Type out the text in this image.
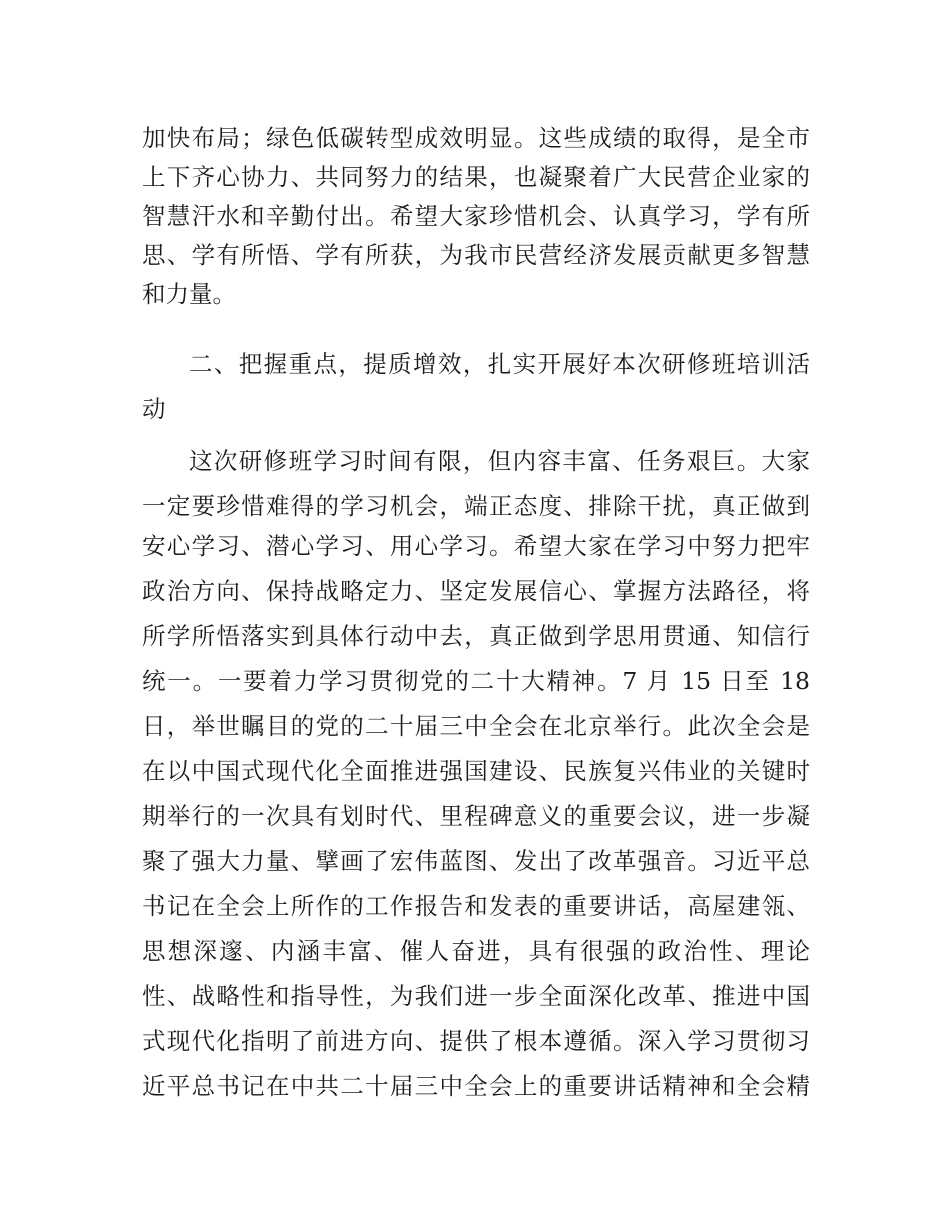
加快布局；绿色低碳转型成效明显。这些成绩的取得，是全市
上下齐心协力、共同努力的结果，也凝聚着广大民营企业家的
智慧汗水和辛勤付出。希望大家珍惜机会、认真学习，学有所
思、学有所悟、学有所获，为我市民营经济发展贡献更多智慧
和力量。
二、把握重点，提质增效，扎实开展好本次研修班培训活
动
这次研修班学习时间有限，但内容丰富、任务艰巨。大家
一定要珍惜难得的学习机会，端正态度、排除干扰，真正做到
安心学习、潜心学习、用心学习。希望大家在学习中努力把牢
政治方向、保持战略定力、坚定发展信心、掌握方法路径，将
所学所悟落实到具体行动中去，真正做到学思用贯通、知信行
统一。一要着力学习贯彻党的二十大精神。7 月 15 日至 18
日，举世瞩目的党的二十届三中全会在北京举行。此次全会是
在以中国式现代化全面推进强国建设、民族复兴伟业的关键时
期举行的一次具有划时代、里程碑意义的重要会议，进一步凝
聚了强大力量、擘画了宏伟蓝图、发出了改革强音。习近平总
书记在全会上所作的工作报告和发表的重要讲话，高屋建瓴、
思想深邃、内涵丰富、催人奋进，具有很强的政治性、理论
性、战略性和指导性，为我们进一步全面深化改革、推进中国
式现代化指明了前进方向、提供了根本遵循。深入学习贯彻习
近平总书记在中共二十届三中全会上的重要讲话精神和全会精
